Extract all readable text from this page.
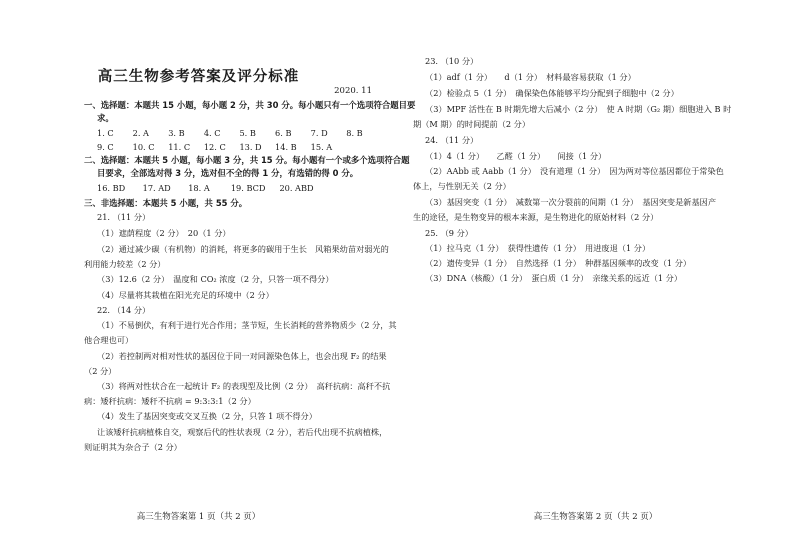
高三生物参考答案及评分标准
2020. 11
一、选择题：本题共 15 小题，每小题 2 分，共 30 分。每小题只有一个选项符合题目要
求。
1. C 2. A 3. B 4. C 5. B 6. B 7. D 8. B
9. C 10. C 11. C 12. C 13. D 14. B 15. A
二、选择题：本题共 5 小题，每小题 3 分，共 15 分。每小题有一个或多个选项符合题
目要求，全部选对得 3 分，选对但不全的得 1 分，有选错的得 0 分。
16. BD 17. AD 18. A	19. BCD 20. ABD
三、非选择题：本题共 5 小题，共 55 分。
21. （11 分）
（1）遮荫程度（2 分）　20（1 分）
（2）通过减少碳（有机物）的消耗，将更多的碳用于生长　风箱果幼苗对弱光的
利用能力较差（2 分）
（3）12.6（2 分）　温度和 CO₂ 浓度（2 分，只答一项不得分）
（4）尽量将其栽植在阳光充足的环境中（2 分）
22. （14 分）
（1）不易倒伏，有利于进行光合作用；茎节短，生长消耗的营养物质少（2 分，其
他合理也可）
（2）若控制两对相对性状的基因位于同一对同源染色体上，也会出现 F₂ 的结果
（2 分）
（3）将两对性状合在一起统计 F₂ 的表现型及比例（2 分）　高秆抗病：高秆不抗
病：矮秆抗病：矮秆不抗病 = 9:3:3:1（2 分）
（4）发生了基因突变或交叉互换（2 分，只答 1 项不得分）
让该矮秆抗病植株自交，观察后代的性状表现（2 分），若后代出现不抗病植株，
则证明其为杂合子（2 分）
高三生物答案第 1 页（共 2 页）
23. （10 分）
（1）adf（1 分）　　d（1 分）　材料最容易获取（1 分）
（2）检验点 5（1 分）　确保染色体能够平均分配到子细胞中（2 分）
（3）MPF 活性在 B 时期先增大后减小（2 分）　使 A 时期（G₂ 期）细胞进入 B 时
期（M 期）的时间提前（2 分）
24. （11 分）
（1）4（1 分）　　乙醛（1 分）　　间接（1 分）
（2）AAbb 或 Aabb（1 分）　没有道理（1 分）　因为两对等位基因都位于常染色
体上，与性别无关（2 分）
（3）基因突变（1 分）　减数第一次分裂前的间期（1 分）　基因突变是新基因产
生的途径，是生物变异的根本来源，是生物进化的原始材料（2 分）
25. （9 分）
（1）拉马克（1 分）　获得性遗传（1 分）　用进废退（1 分）
（2）遗传变异（1 分）　自然选择（1 分）　种群基因频率的改变（1 分）
（3）DNA（核酸）（1 分）　蛋白质（1 分）　亲缘关系的远近（1 分）
高三生物答案第 2 页（共 2 页）
